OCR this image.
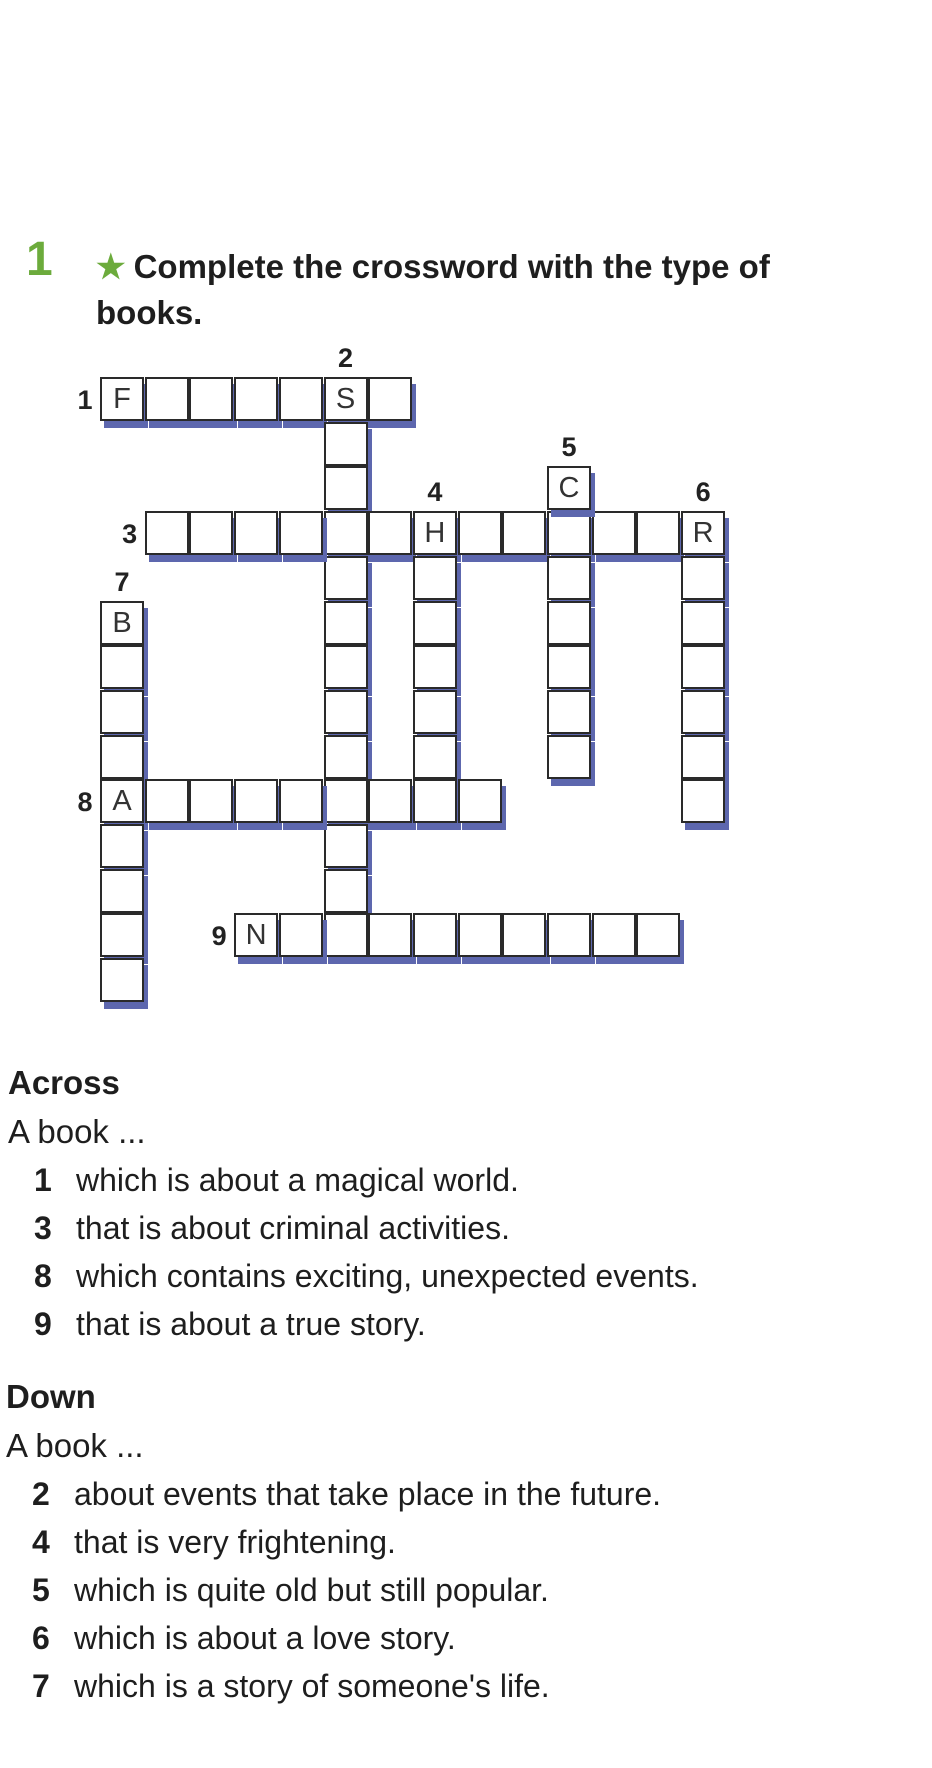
1 ★ Complete the crossword with the type of books.
F	S
H	R
C
B
A
N
1
2
3
4
5
6
7
8
9
Across
A book ...
1 which is about a magical world.
3 that is about criminal activities.
8 which contains exciting, unexpected events.
9 that is about a true story.
Down
A book ...
2 about events that take place in the future.
4 that is very frightening.
5 which is quite old but still popular.
6 which is about a love story.
7 which is a story of someone's life.
